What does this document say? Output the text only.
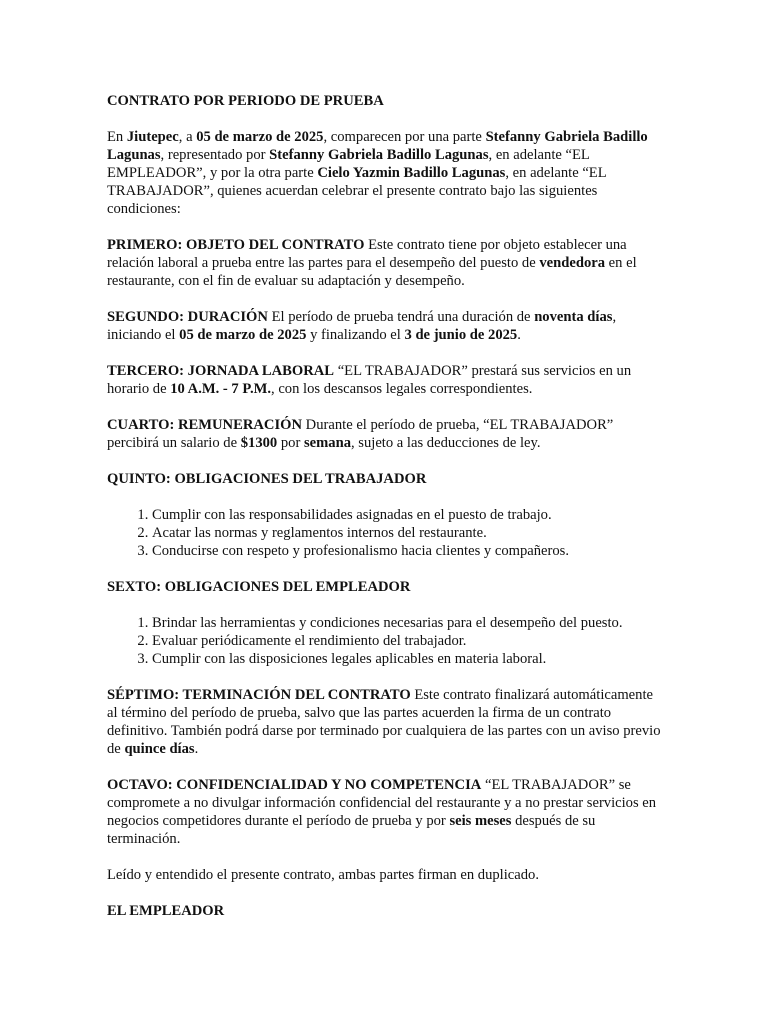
CONTRATO POR PERIODO DE PRUEBA

En Jiutepec, a 05 de marzo de 2025, comparecen por una parte Stefanny Gabriela Badillo Lagunas, representado por Stefanny Gabriela Badillo Lagunas, en adelante “EL EMPLEADOR”, y por la otra parte Cielo Yazmin Badillo Lagunas, en adelante “EL TRABAJADOR”, quienes acuerdan celebrar el presente contrato bajo las siguientes condiciones:

PRIMERO: OBJETO DEL CONTRATO Este contrato tiene por objeto establecer una relación laboral a prueba entre las partes para el desempeño del puesto de vendedora en el restaurante, con el fin de evaluar su adaptación y desempeño.

SEGUNDO: DURACIÓN El período de prueba tendrá una duración de noventa días, iniciando el 05 de marzo de 2025 y finalizando el 3 de junio de 2025.

TERCERO: JORNADA LABORAL “EL TRABAJADOR” prestará sus servicios en un horario de 10 A.M. - 7 P.M., con los descansos legales correspondientes.

CUARTO: REMUNERACIÓN Durante el período de prueba, “EL TRABAJADOR” percibirá un salario de $1300 por semana, sujeto a las deducciones de ley.

QUINTO: OBLIGACIONES DEL TRABAJADOR

1. Cumplir con las responsabilidades asignadas en el puesto de trabajo.
2. Acatar las normas y reglamentos internos del restaurante.
3. Conducirse con respeto y profesionalismo hacia clientes y compañeros.

SEXTO: OBLIGACIONES DEL EMPLEADOR

1. Brindar las herramientas y condiciones necesarias para el desempeño del puesto.
2. Evaluar periódicamente el rendimiento del trabajador.
3. Cumplir con las disposiciones legales aplicables en materia laboral.

SÉPTIMO: TERMINACIÓN DEL CONTRATO Este contrato finalizará automáticamente al término del período de prueba, salvo que las partes acuerden la firma de un contrato definitivo. También podrá darse por terminado por cualquiera de las partes con un aviso previo de quince días.

OCTAVO: CONFIDENCIALIDAD Y NO COMPETENCIA “EL TRABAJADOR” se compromete a no divulgar información confidencial del restaurante y a no prestar servicios en negocios competidores durante el período de prueba y por seis meses después de su terminación.

Leído y entendido el presente contrato, ambas partes firman en duplicado.

EL EMPLEADOR
